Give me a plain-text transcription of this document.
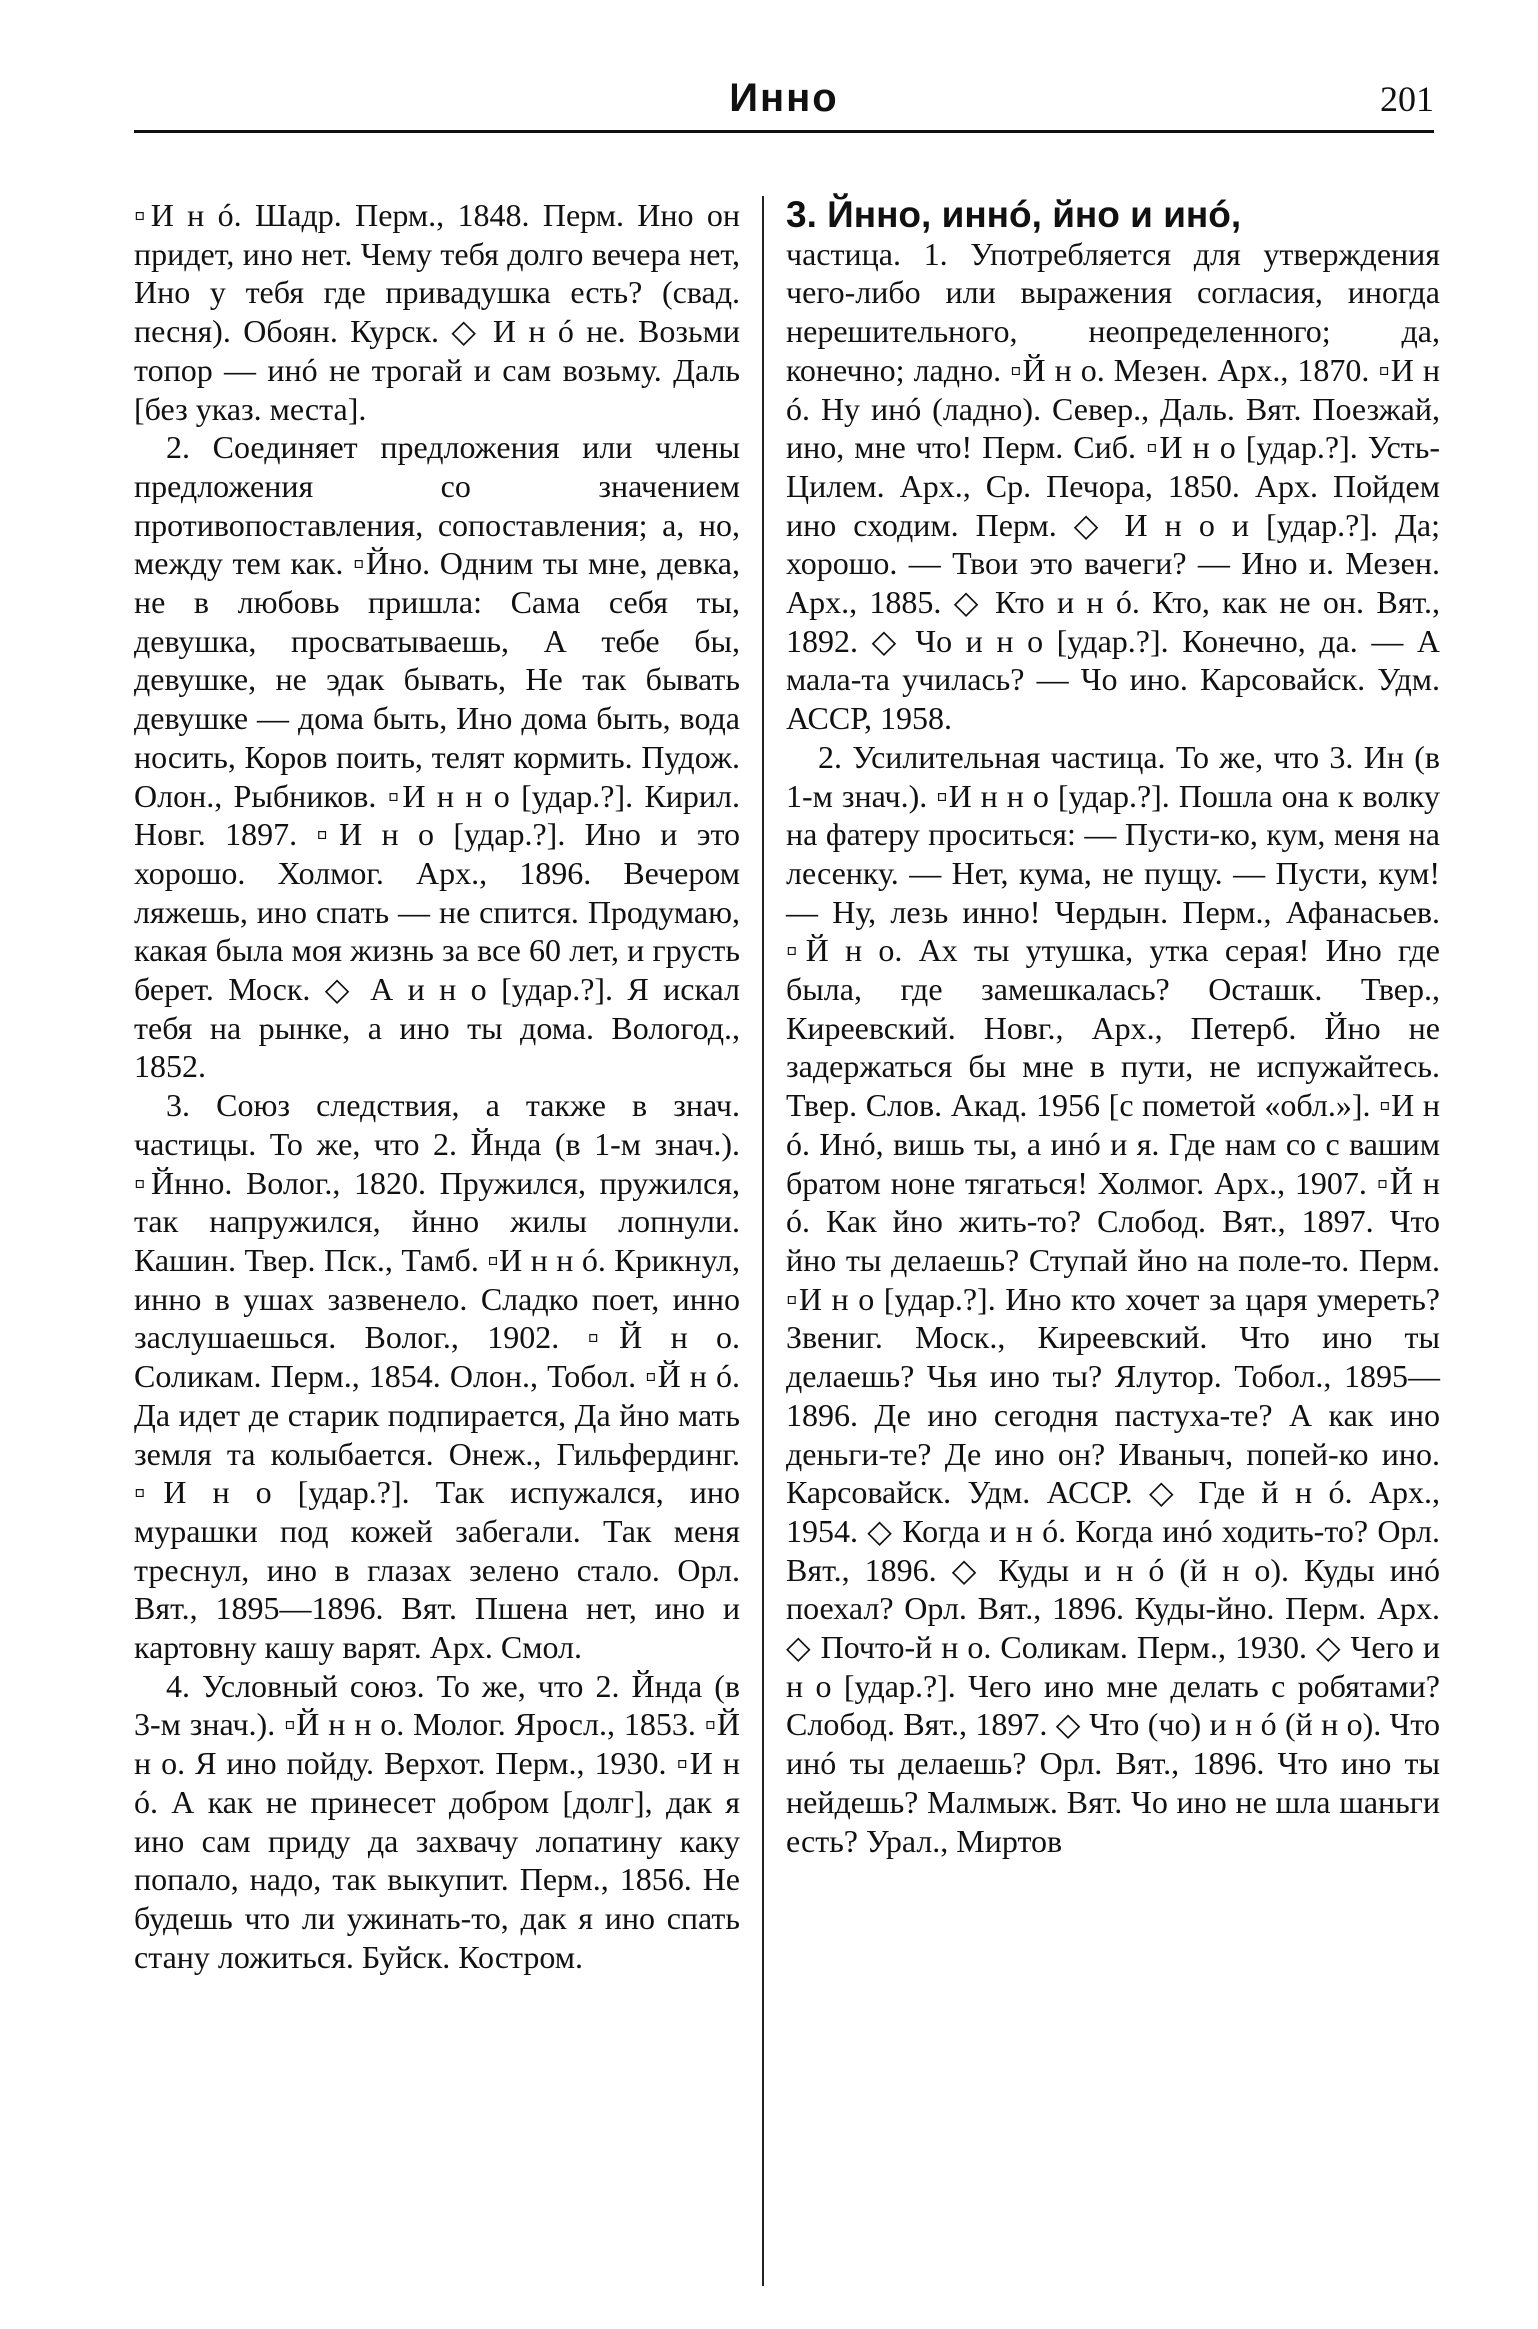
Инно	201

▫И н ó. Шадр. Перм., 1848. Перм. Ино он придет, ино нет. Чему тебя долго вечера нет, Ино у тебя где привадушка есть? (свад. песня). Обоян. Курск. ◇ И н ó не. Возьми топор — инó не трогай и сам возьму. Даль [без указ. места].

2. Соединяет предложения или члены предложения со значением противопоставления, сопоставления; а, но, между тем как. ▫Йно. Одним ты мне, девка, не в любовь пришла: Сама себя ты, девушка, просватываешь, А тебе бы, девушке, не эдак бывать, Не так бывать девушке — дома быть, Ино дома быть, вода носить, Коров поить, телят кормить. Пудож. Олон., Рыбников. ▫И н н о [удар.?]. Кирил. Новг. 1897. ▫И н о [удар.?]. Ино и это хорошо. Холмог. Арх., 1896. Вечером ляжешь, ино спать — не спится. Продумаю, какая была моя жизнь за все 60 лет, и грусть берет. Моск. ◇ А и н о [удар.?]. Я искал тебя на рынке, а ино ты дома. Вологод., 1852.

3. Союз следствия, а также в знач. частицы. То же, что 2. Йнда (в 1-м знач.). ▫Йнно. Волог., 1820. Пружился, пружился, так напружился, йнно жилы лопнули. Кашин. Твер. Пск., Тамб. ▫И н н ó. Крикнул, инно в ушах зазвенело. Сладко поет, инно заслушаешься. Волог., 1902. ▫Й н о. Соликам. Перм., 1854. Олон., Тобол. ▫Й н ó. Да идет де старик подпирается, Да йно мать земля та колыбается. Онеж., Гильфердинг. ▫И н о [удар.?]. Так испужался, ино мурашки под кожей забегали. Так меня треснул, ино в глазах зелено стало. Орл. Вят., 1895—1896. Вят. Пшена нет, ино и картовну кашу варят. Арх. Смол.

4. Условный союз. То же, что 2. Йнда (в 3-м знач.). ▫Й н н о. Молог. Яросл., 1853. ▫Й н о. Я ино пойду. Верхот. Перм., 1930. ▫И н ó. А как не принесет добром [долг], дак я ино сам приду да захвачу лопатину каку попало, надо, так выкупит. Перм., 1856. Не будешь что ли ужинать-то, дак я ино спать стану ложиться. Буйск. Костром.

3. Йнно, иннó, йно и инó,

частица. 1. Употребляется для утверждения чего-либо или выражения согласия, иногда нерешительного, неопределенного; да, конечно; ладно. ▫Й н о. Мезен. Арх., 1870. ▫И н ó. Ну инó (ладно). Север., Даль. Вят. Поезжай, ино, мне что! Перм. Сиб. ▫И н о [удар.?]. Усть-Цилем. Арх., Ср. Печора, 1850. Арх. Пойдем ино сходим. Перм. ◇ И н о и [удар.?]. Да; хорошо. — Твои это вачеги? — Ино и. Мезен. Арх., 1885. ◇ Кто и н ó. Кто, как не он. Вят., 1892. ◇ Чо и н о [удар.?]. Конечно, да. — А мала-та училась? — Чо ино. Карсовайск. Удм. АССР, 1958.

2. Усилительная частица. То же, что 3. Ин (в 1-м знач.). ▫И н н о [удар.?]. Пошла она к волку на фатеру проситься: — Пусти-ко, кум, меня на лесенку. — Нет, кума, не пущу. — Пусти, кум! — Ну, лезь инно! Чердын. Перм., Афанасьев. ▫Й н о. Ах ты утушка, утка серая! Ино где была, где замешкалась? Осташк. Твер., Киреевский. Новг., Арх., Петерб. Йно не задержаться бы мне в пути, не испужайтесь. Твер. Слов. Акад. 1956 [с пометой «обл.»]. ▫И н ó. Инó, вишь ты, а инó и я. Где нам со с вашим братом ноне тягаться! Холмог. Арх., 1907. ▫Й н ó. Как йно жить-то? Слобод. Вят., 1897. Что йно ты делаешь? Ступай йно на поле-то. Перм. ▫И н о [удар.?]. Ино кто хочет за царя умереть? Звениг. Моск., Киреевский. Что ино ты делаешь? Чья ино ты? Ялутор. Тобол., 1895—1896. Де ино сегодня пастуха-те? А как ино деньги-те? Де ино он? Иваныч, попей-ко ино. Карсовайск. Удм. АССР. ◇ Где й н ó. Арх., 1954. ◇ Когда и н ó. Когда инó ходить-то? Орл. Вят., 1896. ◇ Куды и н ó (й н о). Куды инó поехал? Орл. Вят., 1896. Куды-йно. Перм. Арх. ◇ Почто-й н о. Соликам. Перм., 1930. ◇ Чего и н о [удар.?]. Чего ино мне делать с робятами? Слобод. Вят., 1897. ◇ Что (чо) и н ó (й н о). Что инó ты делаешь? Орл. Вят., 1896. Что ино ты нейдешь? Малмыж. Вят. Чо ино не шла шаньги есть? Урал., Миртов
